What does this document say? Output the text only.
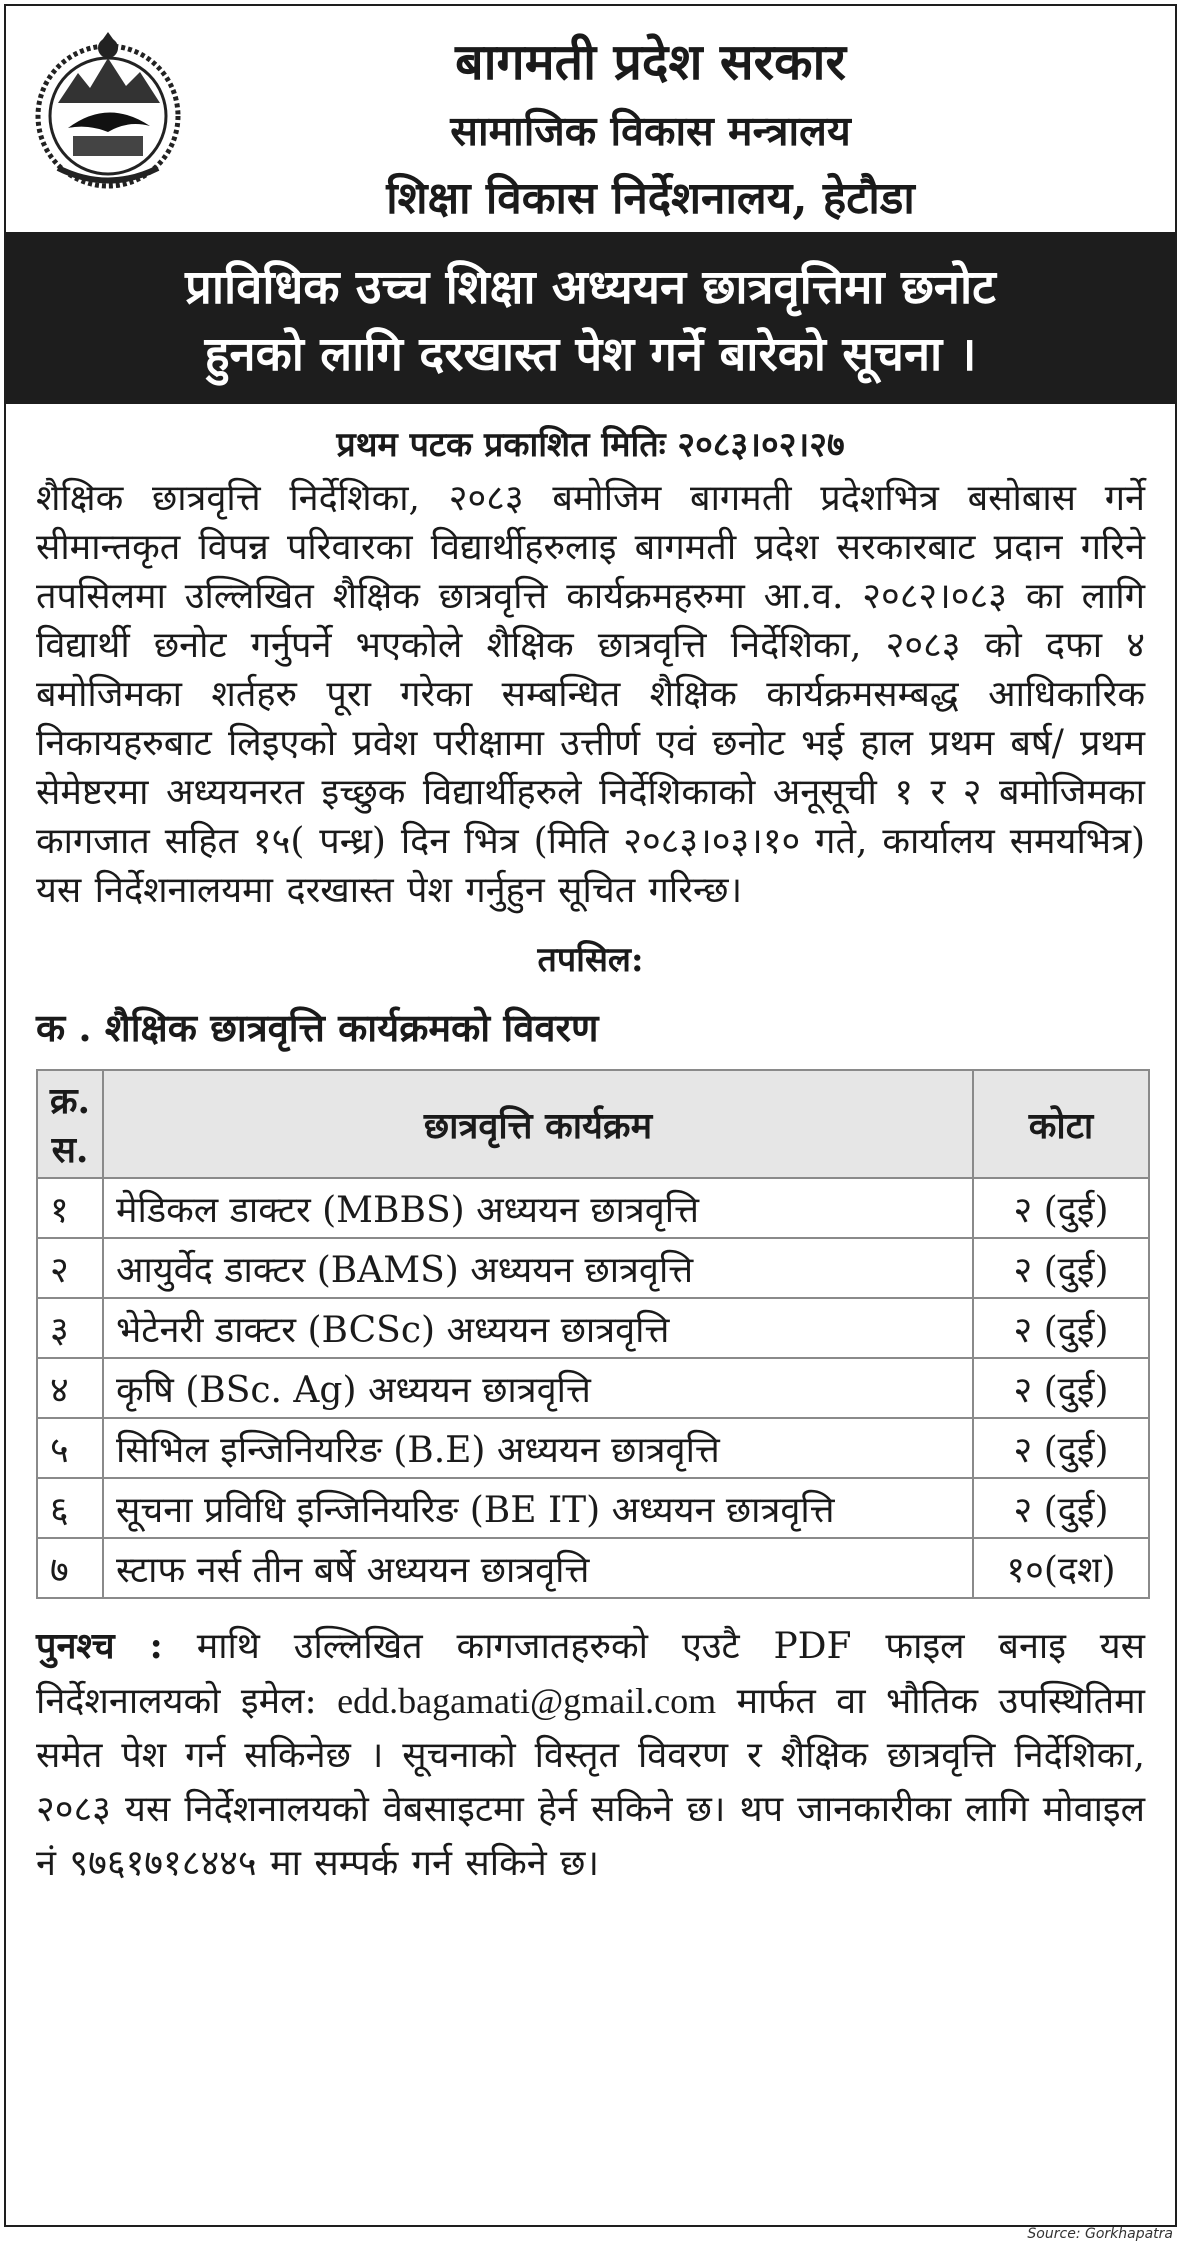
बागमती प्रदेश सरकार
सामाजिक विकास मन्त्रालय
शिक्षा विकास निर्देशनालय, हेटौडा
प्राविधिक उच्च शिक्षा अध्ययन छात्रवृत्तिमा छनोट
हुनको लागि दरखास्त पेश गर्ने बारेको सूचना ।
प्रथम पटक प्रकाशित मितिः २०८३।०२।२७
शैक्षिक छात्रवृत्ति निर्देशिका, २०८३ बमोजिम बागमती प्रदेशभित्र बसोबास गर्ने सीमान्तकृत विपन्न परिवारका विद्यार्थीहरुलाइ बागमती प्रदेश सरकारबाट प्रदान गरिने तपसिलमा उल्लिखित शैक्षिक छात्रवृत्ति कार्यक्रमहरुमा आ.व. २०८२।०८३ का लागि विद्यार्थी छनोट गर्नुपर्ने भएकोले शैक्षिक छात्रवृत्ति निर्देशिका, २०८३ को दफा ४ बमोजिमका शर्तहरु पूरा गरेका सम्बन्धित शैक्षिक कार्यक्रमसम्बद्ध आधिकारिक निकायहरुबाट लिइएको प्रवेश परीक्षामा उत्तीर्ण एवं छनोट भई हाल प्रथम बर्ष/ प्रथम सेमेष्टरमा अध्ययनरत इच्छुक विद्यार्थीहरुले निर्देशिकाको अनूसूची १ र २ बमोजिमका कागजात सहित १५( पन्ध्र) दिन भित्र (मिति २०८३।०३।१० गते, कार्यालय समयभित्र) यस निर्देशनालयमा दरखास्त पेश गर्नुहुन सूचित गरिन्छ।
तपसिल:
क . शैक्षिक छात्रवृत्ति कार्यक्रमको विवरण
क्र. स.	छात्रवृत्ति कार्यक्रम	कोटा
१	मेडिकल डाक्टर (MBBS) अध्ययन छात्रवृत्ति	२ (दुई)
२	आयुर्वेद डाक्टर (BAMS) अध्ययन छात्रवृत्ति	२ (दुई)
३	भेटेनरी डाक्टर (BCSc) अध्ययन छात्रवृत्ति	२ (दुई)
४	कृषि (BSc. Ag) अध्ययन छात्रवृत्ति	२ (दुई)
५	सिभिल इन्जिनियरिङ (B.E) अध्ययन छात्रवृत्ति	२ (दुई)
६	सूचना प्रविधि इन्जिनियरिङ (BE IT) अध्ययन छात्रवृत्ति	२ (दुई)
७	स्टाफ नर्स तीन बर्षे अध्ययन छात्रवृत्ति	१०(दश)
पुनश्च : माथि उल्लिखित कागजातहरुको एउटै PDF फाइल बनाइ यस निर्देशनालयको इमेल: edd.bagamati@gmail.com मार्फत वा भौतिक उपस्थितिमा समेत पेश गर्न सकिनेछ । सूचनाको विस्तृत विवरण र शैक्षिक छात्रवृत्ति निर्देशिका, २०८३ यस निर्देशनालयको वेबसाइटमा हेर्न सकिने छ। थप जानकारीका लागि मोवाइल नं ९७६१७१८४४५ मा सम्पर्क गर्न सकिने छ।
Source: Gorkhapatra
